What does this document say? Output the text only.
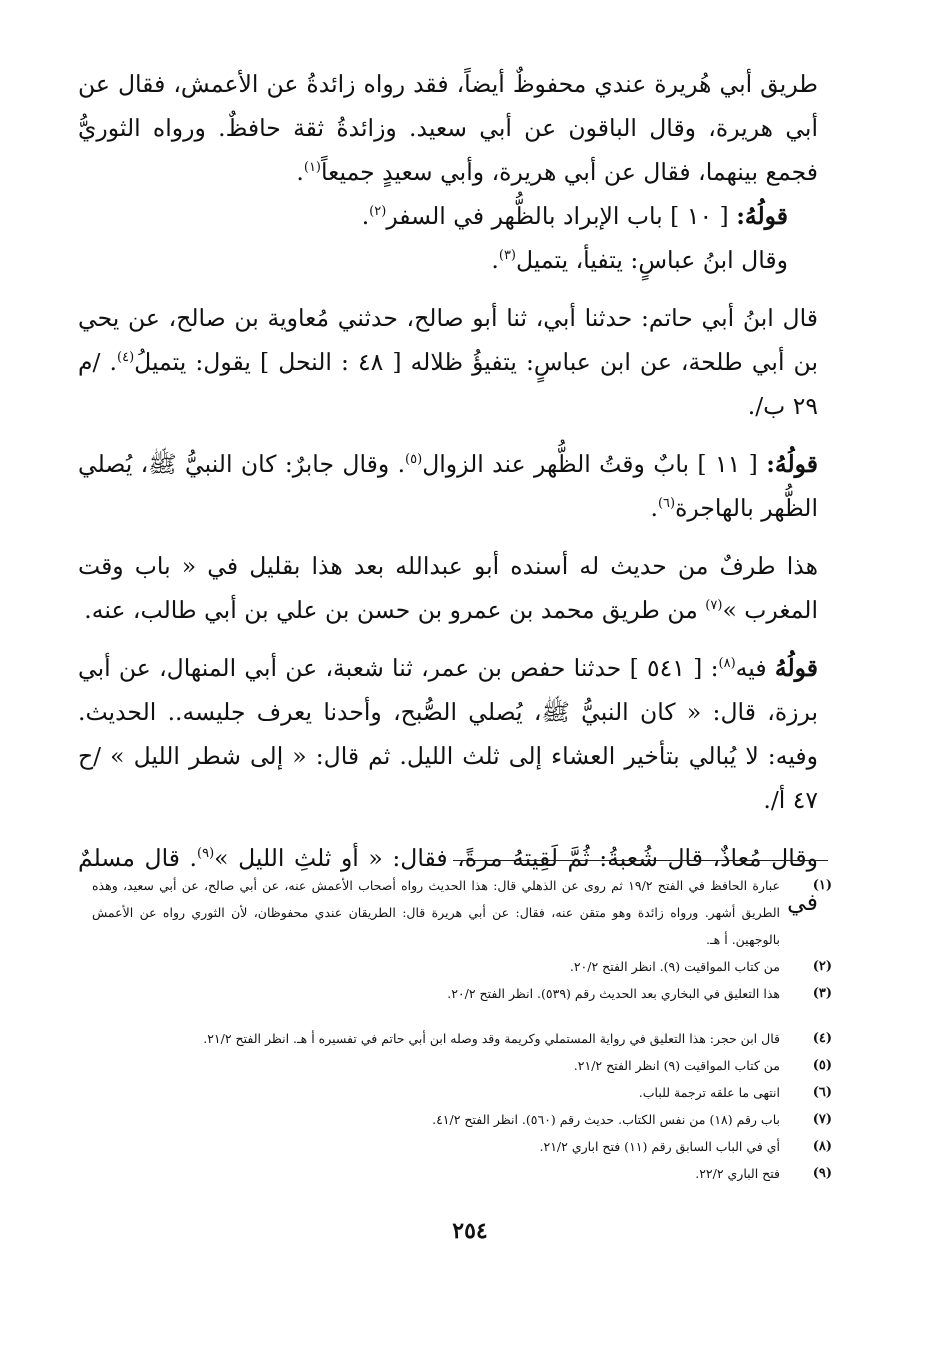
طريق أبي هُريرة عندي محفوظٌ أيضاً، فقد رواه زائدةُ عن الأعمش، فقال عن أبي هريرة، وقال الباقون عن أبي سعيد. وزائدةُ ثقة حافظٌ. ورواه الثوريُّ فجمع بينهما، فقال عن أبي هريرة، وأبي سعيدٍ جميعاً$^{(١)}$.

قولُهُ: [ ١٠ ] باب الإبراد بالظُّهر في السفر$^{(٢)}$.

وقال ابنُ عباسٍ: يتفيأ، يتميل$^{(٣)}$.

قال ابنُ أبي حاتم: حدثنا أبي، ثنا أبو صالح، حدثني مُعاوية بن صالح، عن يحي بن أبي طلحة، عن ابن عباسٍ: يتفيؤُ ظلاله [ ٤٨ : النحل ] يقول: يتميلُ$^{(٤)}$. /م ٢٩ ب/.

قولُهُ: [ ١١ ] بابٌ وقتُ الظُّهر عند الزوال$^{(٥)}$. وقال جابرٌ: كان النبيُّ ﷺ، يُصلي الظُّهر بالهاجرة$^{(٦)}$.

هذا طرفٌ من حديث له أسنده أبو عبدالله بعد هذا بقليل في « باب وقت المغرب »$^{(٧)}$ من طريق محمد بن عمرو بن حسن بن علي بن أبي طالب، عنه.

قولُهُ فيه$^{(٨)}$: [ ٥٤١ ] حدثنا حفص بن عمر، ثنا شعبة، عن أبي المنهال، عن أبي برزة، قال: « كان النبيُّ ﷺ، يُصلي الصُّبح، وأحدنا يعرف جليسه.. الحديث. وفيه: لا يُبالي بتأخير العشاء إلى ثلث الليل. ثم قال: « إلى شطر الليل » /ح ٤٧ أ/.

وقال مُعاذٌ، قال شُعبةُ: ثُمَّ لَقِيتهُ مرةً، فقال: « أو ثلثِ الليل »$^{(٩)}$. قال مسلمٌ في

(١)
عبارة الحافظ في الفتح ١٩/٢ ثم روى عن الذهلي قال: هذا الحديث رواه أصحاب الأعمش عنه، عن أبي صالح، عن أبي سعيد، وهذه الطريق أشهر. ورواه زائدة وهو متقن عنه، فقال: عن أبي هريرة قال: الطريقان عندي محفوظان، لأن الثوري رواه عن الأعمش بالوجهين. أ هـ.
(٢)
من كتاب المواقيت (٩). انظر الفتح ٢٠/٢.
(٣)
هذا التعليق في البخاري بعد الحديث رقم (٥٣٩). انظر الفتح ٢٠/٢.
(٤)
قال ابن حجر: هذا التعليق في رواية المستملي وكريمة وقد وصله ابن أبي حاتم في تفسيره أ هـ. انظر الفتح ٢١/٢.
(٥)
من كتاب المواقيت (٩) انظر الفتح ٢١/٢.
(٦)
انتهى ما علقه ترجمة للباب.
(٧)
باب رقم (١٨) من نفس الكتاب. حديث رقم (٥٦٠). انظر الفتح ٤١/٢.
(٨)
أي في الباب السابق رقم (١١) فتح اباري ٢١/٢.
(٩)
فتح الباري ٢٢/٢.
٢٥٤
